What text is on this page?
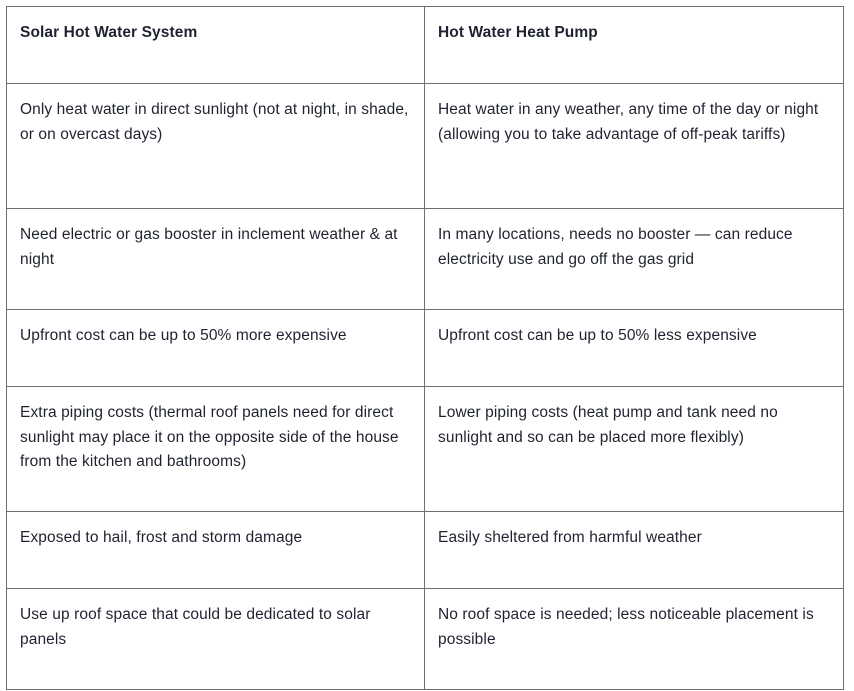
Solar Hot Water System	Hot Water Heat Pump
Only heat water in direct sunlight (not at night, in shade, or on overcast days)	Heat water in any weather, any time of the day or night (allowing you to take advantage of off-peak tariffs)
Need electric or gas booster in inclement weather & at night	In many locations, needs no booster — can reduce electricity use and go off the gas grid
Upfront cost can be up to 50% more expensive	Upfront cost can be up to 50% less expensive
Extra piping costs (thermal roof panels need for direct sunlight may place it on the opposite side of the house from the kitchen and bathrooms)	Lower piping costs (heat pump and tank need no sunlight and so can be placed more flexibly)
Exposed to hail, frost and storm damage	Easily sheltered from harmful weather
Use up roof space that could be dedicated to solar panels	No roof space is needed; less noticeable placement is possible
